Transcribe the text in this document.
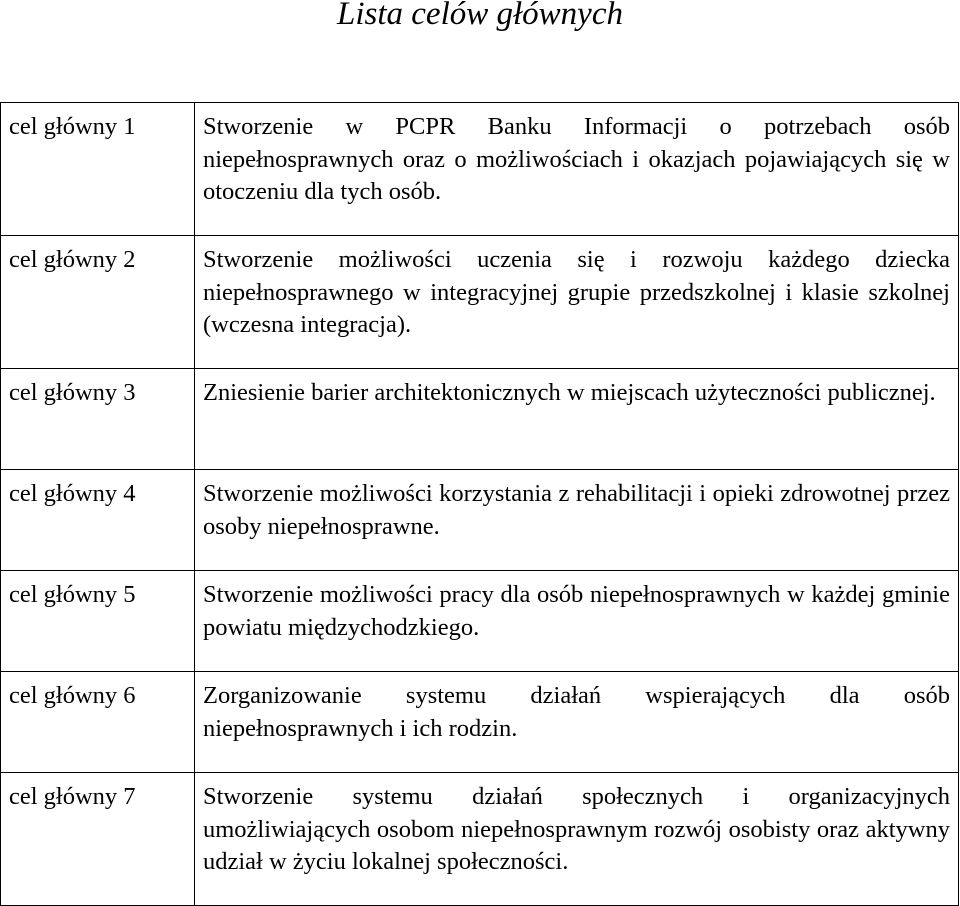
Lista celów głównych
cel główny 1	Stworzenie w PCPR Banku Informacji o potrzebach osób niepełnosprawnych oraz o możliwościach i okazjach pojawiających się w otoczeniu dla tych osób.
cel główny 2	Stworzenie możliwości uczenia się i rozwoju każdego dziecka niepełnosprawnego w integracyjnej grupie przedszkolnej i klasie szkolnej (wczesna integracja).
cel główny 3	Zniesienie barier architektonicznych w miejscach użyteczności publicznej.
cel główny 4	Stworzenie możliwości korzystania z rehabilitacji i opieki zdrowotnej przez osoby niepełnosprawne.
cel główny 5	Stworzenie możliwości pracy dla osób niepełnosprawnych w każdej gminie powiatu międzychodzkiego.
cel główny 6	Zorganizowanie systemu działań wspierających dla osób niepełnosprawnych i ich rodzin.
cel główny 7	Stworzenie systemu działań społecznych i organizacyjnych umożliwiających osobom niepełnosprawnym rozwój osobisty oraz aktywny udział w życiu lokalnej społeczności.
